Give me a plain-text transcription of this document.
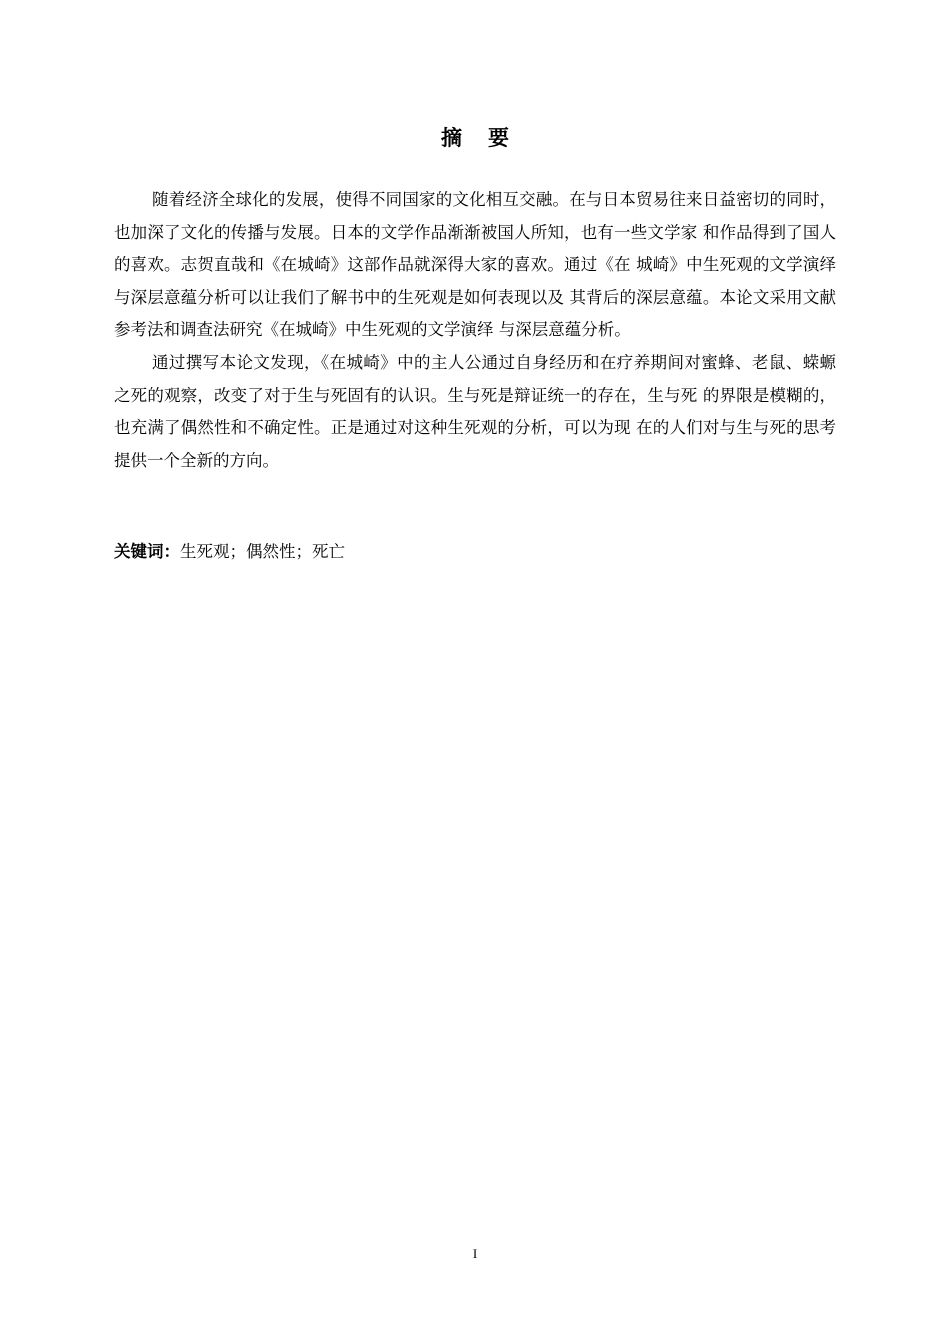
摘要

随着经济全球化的发展，使得不同国家的文化相互交融。在与日本贸易往来日益密切的同时，也加深了文化的传播与发展。日本的文学作品渐渐被国人所知，也有一些文学家 和作品得到了国人的喜欢。志贺直哉和《在城崎》这部作品就深得大家的喜欢。通过《在 城崎》中生死观的文学演绎与深层意蕴分析可以让我们了解书中的生死观是如何表现以及 其背后的深层意蕴。本论文采用文献参考法和调查法研究《在城崎》中生死观的文学演绎 与深层意蕴分析。

通过撰写本论文发现，《在城崎》中的主人公通过自身经历和在疗养期间对蜜蜂、老鼠、蝾螈之死的观察，改变了对于生与死固有的认识。生与死是辩证统一的存在，生与死 的界限是模糊的，也充满了偶然性和不确定性。正是通过对这种生死观的分析，可以为现 在的人们对与生与死的思考提供一个全新的方向。

关键词：生死观；偶然性；死亡
I
